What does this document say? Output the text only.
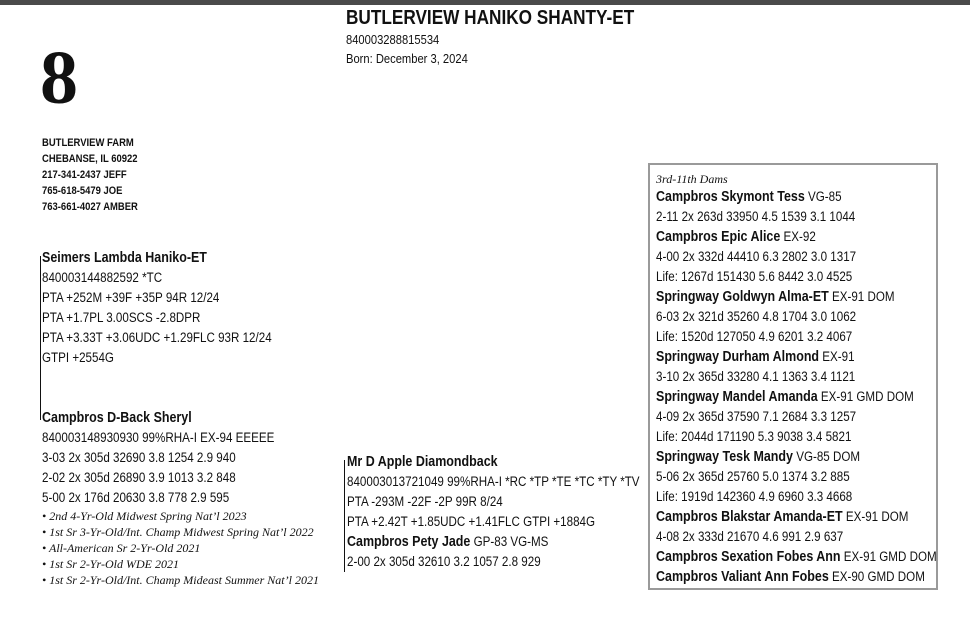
8
BUTLERVIEW HANIKO SHANTY-ET
840003288815534
Born: December 3, 2024
BUTLERVIEW FARM
CHEBANSE, IL 60922
217-341-2437 JEFF
765-618-5479 JOE
763-661-4027 AMBER
Seimers Lambda Haniko-ET
840003144882592 *TC
PTA +252M +39F +35P 94R 12/24
PTA +1.7PL 3.00SCS -2.8DPR
PTA +3.33T +3.06UDC +1.29FLC 93R 12/24
GTPI +2554G
Campbros D-Back Sheryl
840003148930930 99%RHA-I EX-94 EEEEE
3-03 2x 305d 32690 3.8 1254 2.9 940
2-02 2x 305d 26890 3.9 1013 3.2 848
5-00 2x 176d 20630 3.8 778 2.9 595
• 2nd 4-Yr-Old Midwest Spring Nat’l 2023
• 1st Sr 3-Yr-Old/Int. Champ Midwest Spring Nat’l 2022
• All-American Sr 2-Yr-Old 2021
• 1st Sr 2-Yr-Old WDE 2021
• 1st Sr 2-Yr-Old/Int. Champ Mideast Summer Nat’l 2021
Mr D Apple Diamondback
840003013721049 99%RHA-I *RC *TP *TE *TC *TY *TV
PTA -293M -22F -2P 99R 8/24
PTA +2.42T +1.85UDC +1.41FLC GTPI +1884G
Campbros Pety Jade GP-83 VG-MS
2-00 2x 305d 32610 3.2 1057 2.8 929
3rd-11th Dams
Campbros Skymont Tess VG-85
2-11 2x 263d 33950 4.5 1539 3.1 1044
Campbros Epic Alice EX-92
4-00 2x 332d 44410 6.3 2802 3.0 1317
Life: 1267d 151430 5.6 8442 3.0 4525
Springway Goldwyn Alma-ET EX-91 DOM
6-03 2x 321d 35260 4.8 1704 3.0 1062
Life: 1520d 127050 4.9 6201 3.2 4067
Springway Durham Almond EX-91
3-10 2x 365d 33280 4.1 1363 3.4 1121
Springway Mandel Amanda EX-91 GMD DOM
4-09 2x 365d 37590 7.1 2684 3.3 1257
Life: 2044d 171190 5.3 9038 3.4 5821
Springway Tesk Mandy VG-85 DOM
5-06 2x 365d 25760 5.0 1374 3.2 885
Life: 1919d 142360 4.9 6960 3.3 4668
Campbros Blakstar Amanda-ET EX-91 DOM
4-08 2x 333d 21670 4.6 991 2.9 637
Campbros Sexation Fobes Ann EX-91 GMD DOM
Campbros Valiant Ann Fobes EX-90 GMD DOM
